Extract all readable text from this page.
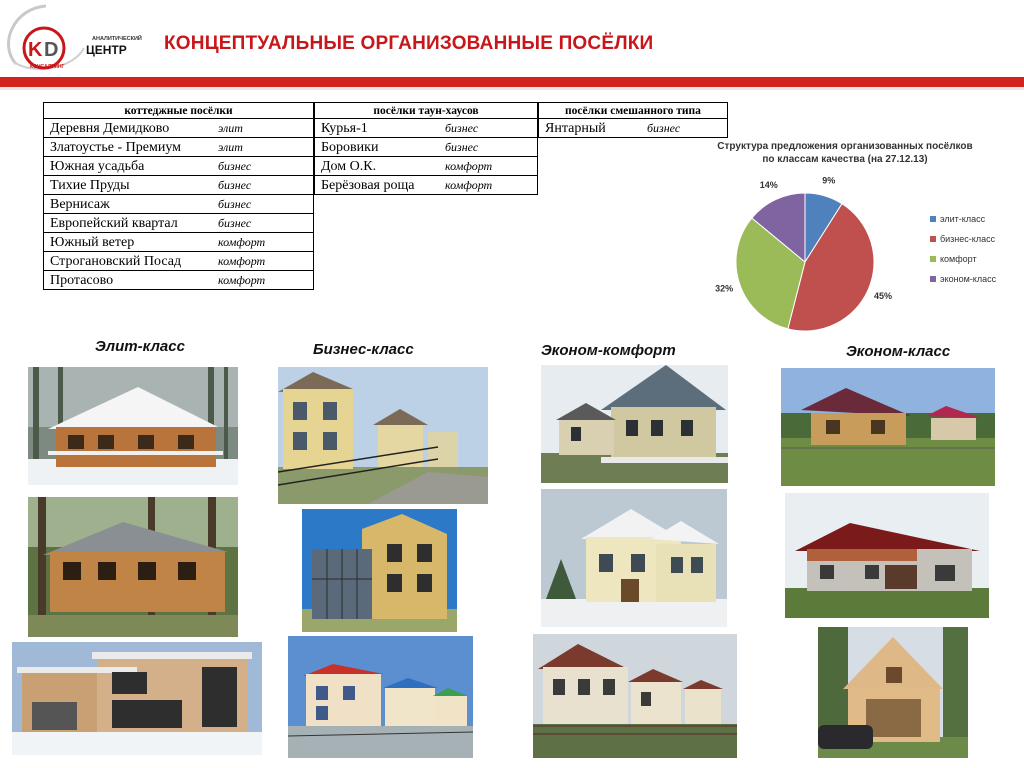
K D	АНАЛИТИЧЕСКИЙ
ЦЕНТР
КОНСАЛТИНГ
КОНЦЕПТУАЛЬНЫЕ ОРГАНИЗОВАННЫЕ ПОСЁЛКИ
коттеджные посёлки	
Деревня Демидково	элит
Златоустье - Премиум	элит
Южная усадьба	бизнес
Тихие Пруды	бизнес
Вернисаж	бизнес
Европейский квартал	бизнес
Южный ветер	комфорт
Строгановский Посад	комфорт
Протасово	комфорт
посёлки таун-хаусов	
Курья-1	бизнес
Боровики	бизнес
Дом О.К.	комфорт
Берёзовая роща	комфорт
посёлки смешанного типа
Янтарный	бизнес
Структура предложения организованных посёлков
по классам качества (на 27.12.13)
9%
45%
32%
14%
элит-класс
бизнес-класс
комфорт
эконом-класс
Элит-класс	Бизнес-класс	Эконом-комфорт	Эконом-класс
